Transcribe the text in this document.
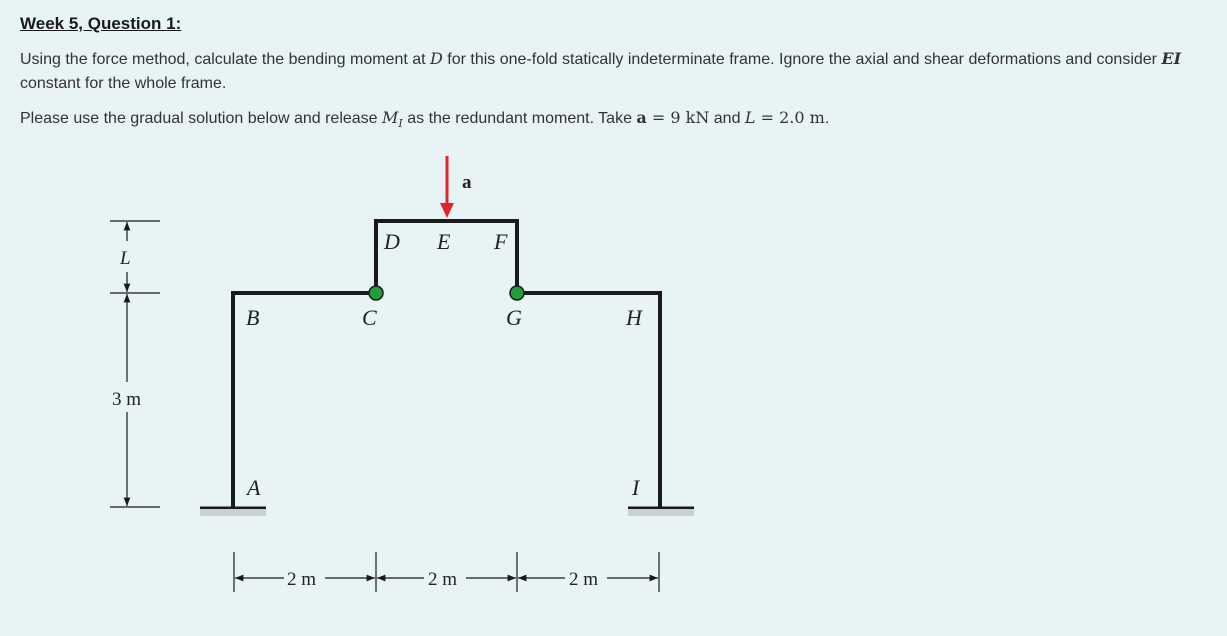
Week 5, Question 1:
Using the force method, calculate the bending moment at D for this one-fold statically indeterminate frame. Ignore the axial and shear deformations and consider EI constant for the whole frame.
Please use the gradual solution below and release $M_I$ as the redundant moment. Take a = 9 kN and L = 2.0 m.
a
D E F
B	C	G	H
A	I
L
3 m
2 m	2 m	2 m
